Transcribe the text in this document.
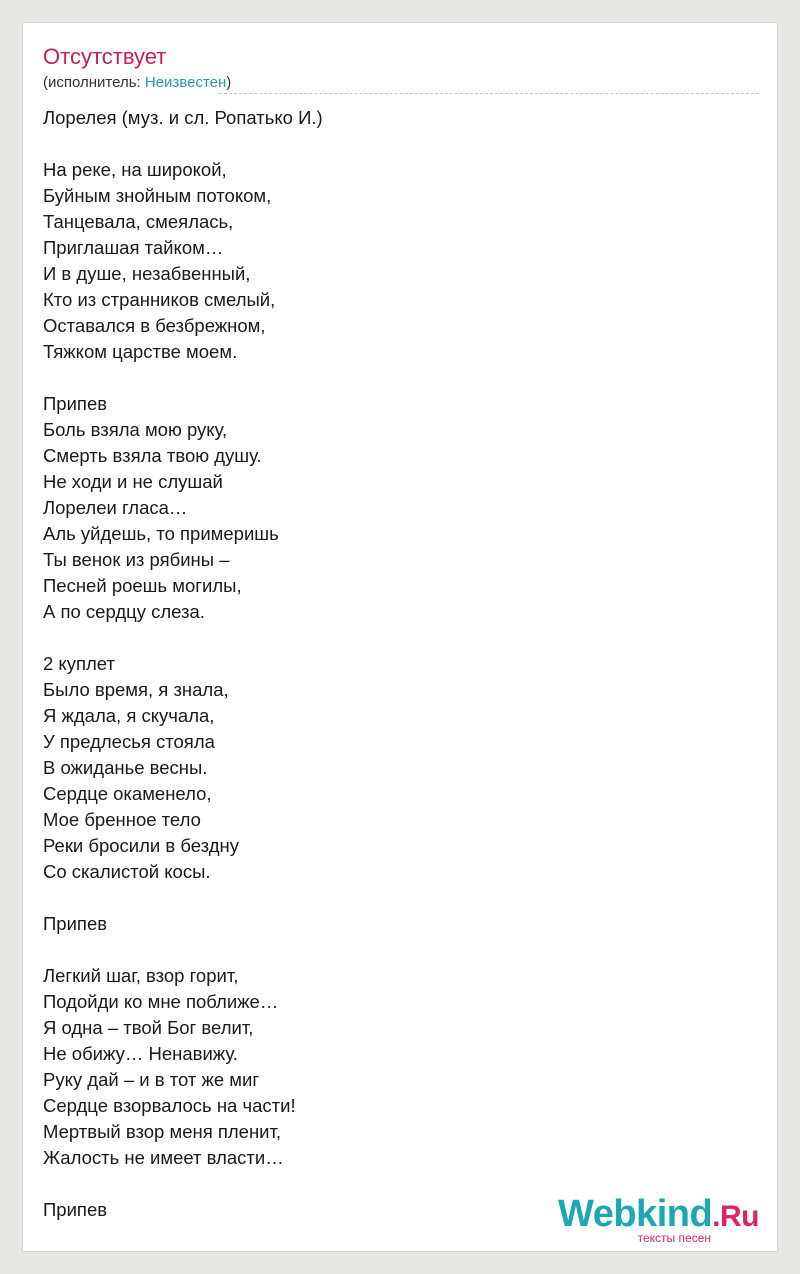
Отсутствует
(исполнитель: Неизвестен)
Лорелея (муз. и сл. Ропатько И.)

На реке, на широкой,
Буйным знойным потоком,
Танцевала, смеялась,
Приглашая тайком…
И в душе, незабвенный,
Кто из странников смелый,
Оставался в безбрежном,
Тяжком царстве моем.

Припев
Боль взяла мою руку,
Смерть взяла твою душу.
Не ходи и не слушай
Лорелеи гласа…
Аль уйдешь, то примеришь
Ты венок из рябины –
Песней роешь могилы,
А по сердцу слеза.

2 куплет
Было время, я знала,
Я ждала, я скучала,
У предлесья стояла
В ожиданье весны.
Сердце окаменело,
Мое бренное тело
Реки бросили в бездну
Со скалистой косы.

Припев

Легкий шаг, взор горит,
Подойди ко мне поближе…
Я одна – твой Бог велит,
Не обижу… Ненавижу.
Руку дай – и в тот же миг
Сердце взорвалось на части!
Мертвый взор меня пленит,
Жалость не имеет власти…

Припев	Webkind.Ru
тексты песен
